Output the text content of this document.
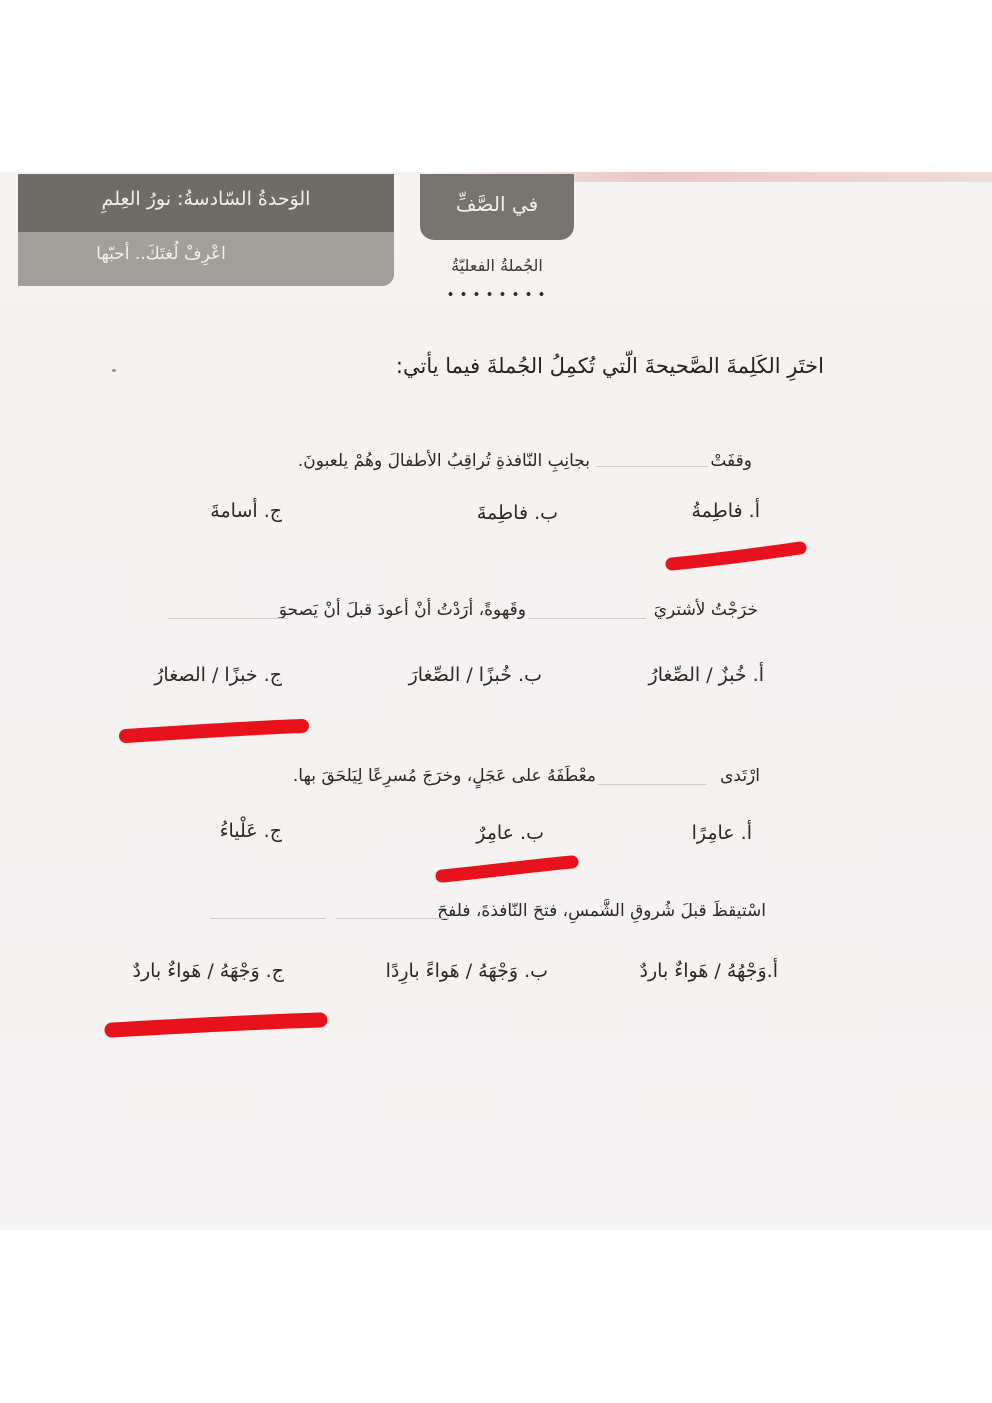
الوَحدةُ السّادسةُ: نورُ العِلمِ
اعْرِفْ لُغتَكَ.. أحبّها
في الصَّفِّ
الجُملةُ الفعليّةُ
اختَرِ الكَلِمةَ الصَّحيحةَ الّتي تُكمِلُ الجُملةَ فيما يأتي:
وقفَتْ
بجانِبِ النّافذةِ تُراقِبُ الأطفالَ وهُمْ يلعبونَ.
أ. فاطِمةُ
ب. فاطِمةَ
ج. أسامةَ
خرَجْتُ لأشتريَ
وقَهوةً، أرَدْتُ أنْ أعودَ قبلَ أنْ يَصحوَ
أ. خُبزٌ / الصِّغارُ
ب. خُبزًا / الصِّغارَ
ج. خبزًا / الصغارُ
ارْتَدى
معْطَفَهُ على عَجَلٍ، وخرَجَ مُسرِعًا لِيَلحَقَ بها.
أ. عامِرًا
ب. عامِرٌ
ج. عَلْياءُ
اسْتيقظَ قبلَ شُروقِ الشَّمسِ، فتحَ النّافذةَ، فلفحَ
أ.وَجْهُهُ / هَواءٌ باردٌ
ب. وَجْهَهُ / هَواءً بارِدًا
ج. وَجْهَهُ / هَواءٌ باردٌ
